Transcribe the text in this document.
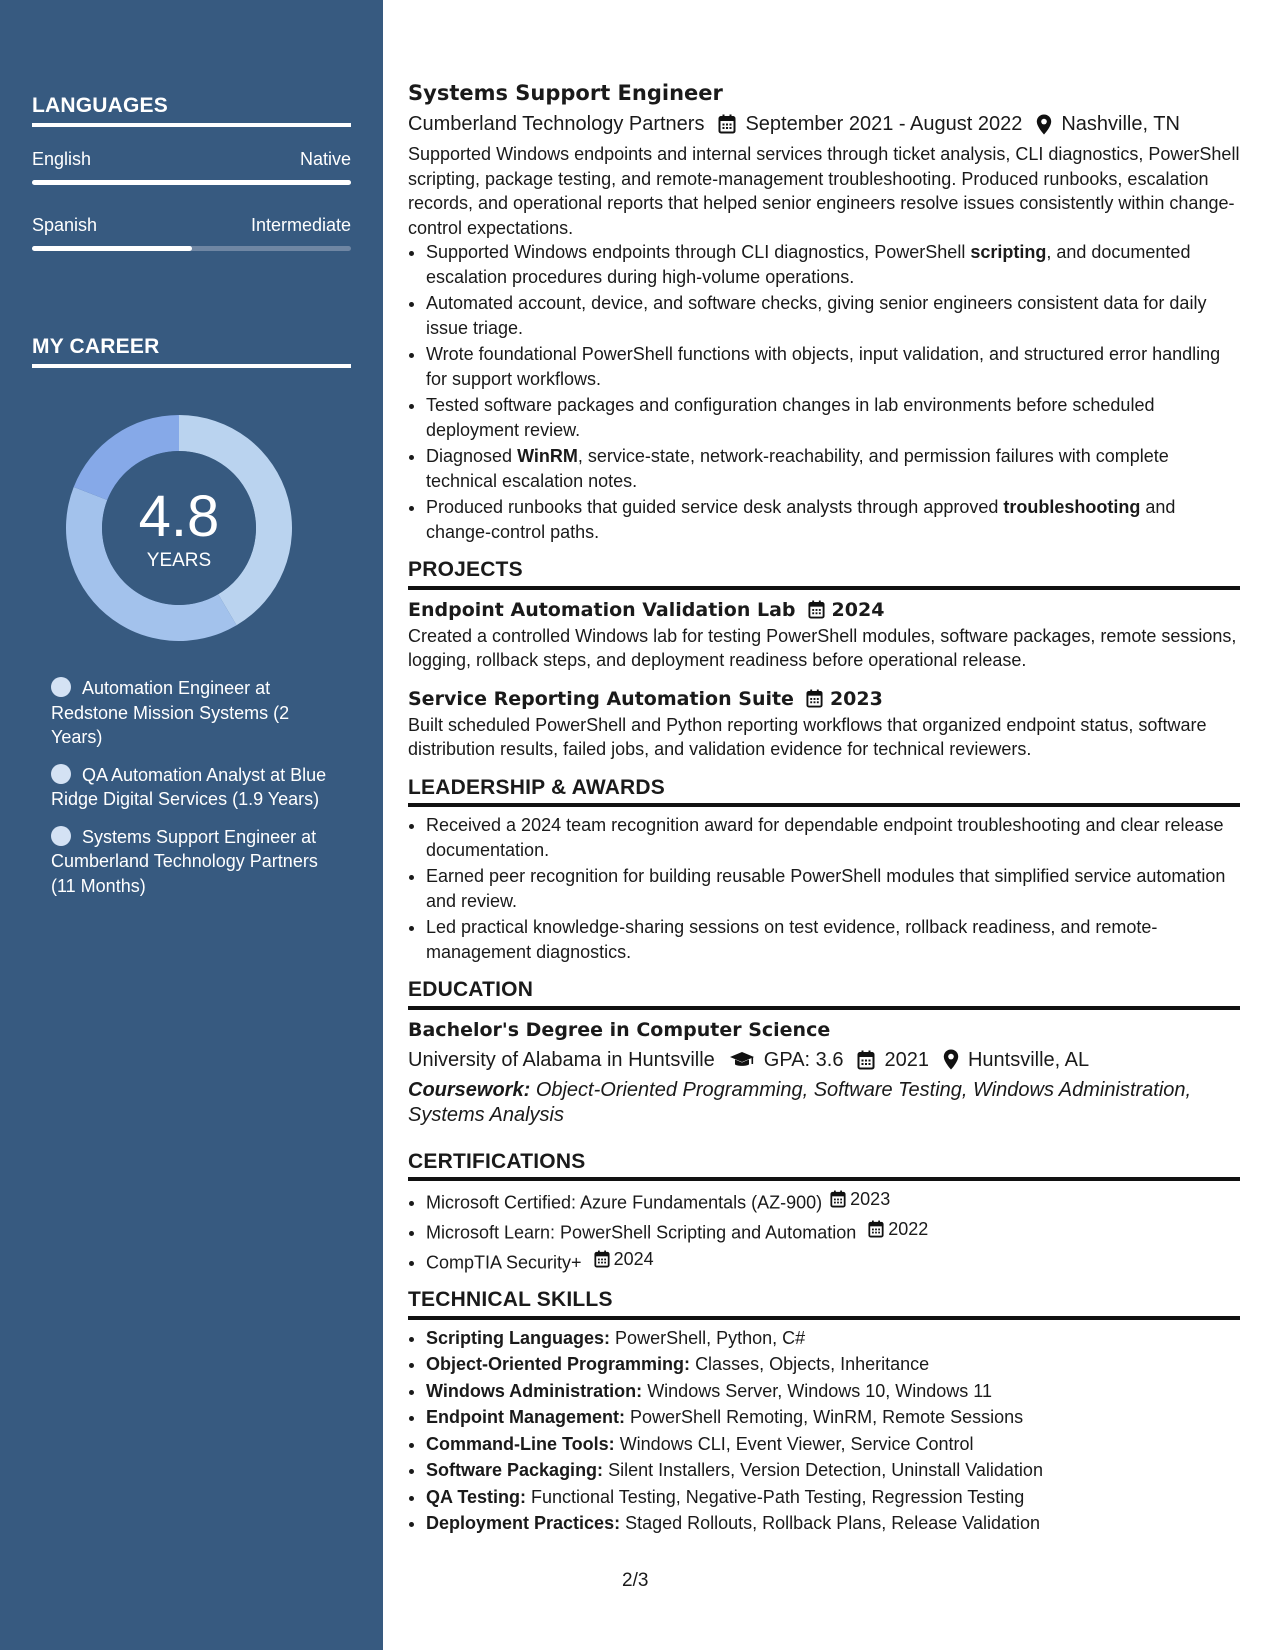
LANGUAGES
English	Native
Spanish	Intermediate
MY CAREER
4.8
YEARS
Automation Engineer at Redstone Mission Systems (2 Years)
QA Automation Analyst at Blue Ridge Digital Services (1.9 Years)
Systems Support Engineer at Cumberland Technology Partners (11 Months)
Systems Support Engineer
Cumberland Technology Partners September 2021 - August 2022 Nashville, TN

Supported Windows endpoints and internal services through ticket analysis, CLI diagnostics, PowerShell scripting, package testing, and remote-management troubleshooting. Produced runbooks, escalation records, and operational reports that helped senior engineers resolve issues consistently within change-control expectations.

• Supported Windows endpoints through CLI diagnostics, PowerShell scripting, and documented escalation procedures during high-volume operations.
• Automated account, device, and software checks, giving senior engineers consistent data for daily issue triage.
• Wrote foundational PowerShell functions with objects, input validation, and structured error handling for support workflows.
• Tested software packages and configuration changes in lab environments before scheduled deployment review.
• Diagnosed WinRM, service-state, network-reachability, and permission failures with complete technical escalation notes.
• Produced runbooks that guided service desk analysts through approved troubleshooting and change-control paths.
PROJECTS
Endpoint Automation Validation Lab 2024

Created a controlled Windows lab for testing PowerShell modules, software packages, remote sessions, logging, rollback steps, and deployment readiness before operational release.

Service Reporting Automation Suite 2023

Built scheduled PowerShell and Python reporting workflows that organized endpoint status, software distribution results, failed jobs, and validation evidence for technical reviewers.

LEADERSHIP & AWARDS
• Received a 2024 team recognition award for dependable endpoint troubleshooting and clear release documentation.
• Earned peer recognition for building reusable PowerShell modules that simplified service automation and review.
• Led practical knowledge-sharing sessions on test evidence, rollback readiness, and remote-management diagnostics.
EDUCATION
Bachelor's Degree in Computer Science
University of Alabama in Huntsville GPA: 3.6 2021 Huntsville, AL
Coursework: Object-Oriented Programming, Software Testing, Windows Administration, Systems Analysis
CERTIFICATIONS
• Microsoft Certified: Azure Fundamentals (AZ-900) 2023
• Microsoft Learn: PowerShell Scripting and Automation 2022
• CompTIA Security+ 2024
TECHNICAL SKILLS
• Scripting Languages: PowerShell, Python, C#
• Object-Oriented Programming: Classes, Objects, Inheritance
• Windows Administration: Windows Server, Windows 10, Windows 11
• Endpoint Management: PowerShell Remoting, WinRM, Remote Sessions
• Command-Line Tools: Windows CLI, Event Viewer, Service Control
• Software Packaging: Silent Installers, Version Detection, Uninstall Validation
• QA Testing: Functional Testing, Negative-Path Testing, Regression Testing
• Deployment Practices: Staged Rollouts, Rollback Plans, Release Validation
2/3
